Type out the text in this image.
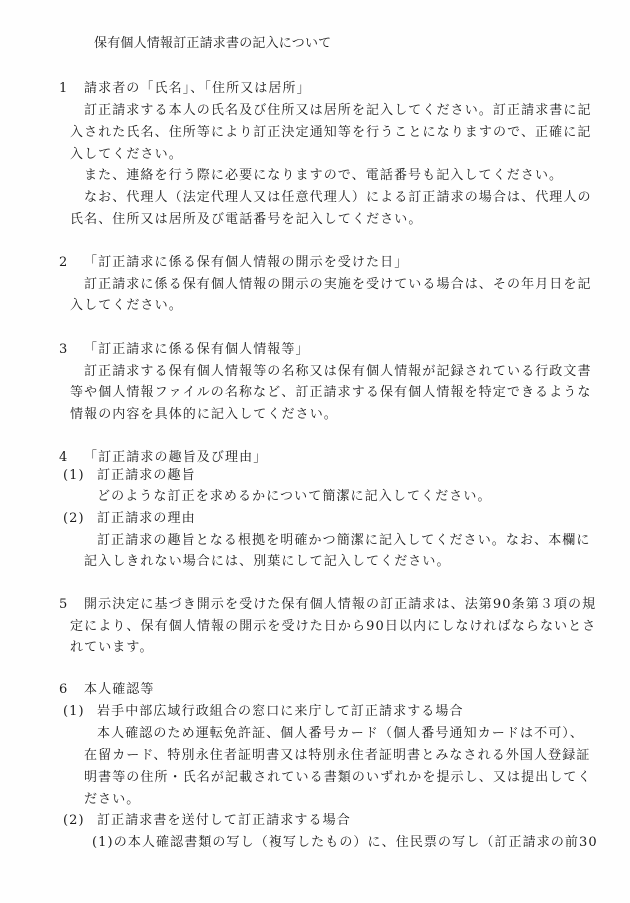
保有個人情報訂正請求書の記入について
1 請求者の「氏名」、「住所又は居所」
訂正請求する本人の氏名及び住所又は居所を記入してください。訂正請求書に記
入された氏名、住所等により訂正決定通知等を行うことになりますので、正確に記
入してください。
また、連絡を行う際に必要になりますので、電話番号も記入してください。
なお、代理人（法定代理人又は任意代理人）による訂正請求の場合は、代理人の
氏名、住所又は居所及び電話番号を記入してください。
2 「訂正請求に係る保有個人情報の開示を受けた日」
訂正請求に係る保有個人情報の開示の実施を受けている場合は、その年月日を記
入してください。
3 「訂正請求に係る保有個人情報等」
訂正請求する保有個人情報等の名称又は保有個人情報が記録されている行政文書
等や個人情報ファイルの名称など、訂正請求する保有個人情報を特定できるような
情報の内容を具体的に記入してください。
4 「訂正請求の趣旨及び理由」
(1) 訂正請求の趣旨
どのような訂正を求めるかについて簡潔に記入してください。
(2) 訂正請求の理由
訂正請求の趣旨となる根拠を明確かつ簡潔に記入してください。なお、本欄に
記入しきれない場合には、別葉にして記入してください。
5 開示決定に基づき開示を受けた保有個人情報の訂正請求は、法第90条第３項の規
定により、保有個人情報の開示を受けた日から90日以内にしなければならないとさ
れています。
6 本人確認等
(1) 岩手中部広域行政組合の窓口に来庁して訂正請求する場合
本人確認のため運転免許証、個人番号カード（個人番号通知カードは不可）、
在留カード、特別永住者証明書又は特別永住者証明書とみなされる外国人登録証
明書等の住所・氏名が記載されている書類のいずれかを提示し、又は提出してく
ださい。
(2) 訂正請求書を送付して訂正請求する場合
(1)の本人確認書類の写し（複写したもの）に、住民票の写し（訂正請求の前30
